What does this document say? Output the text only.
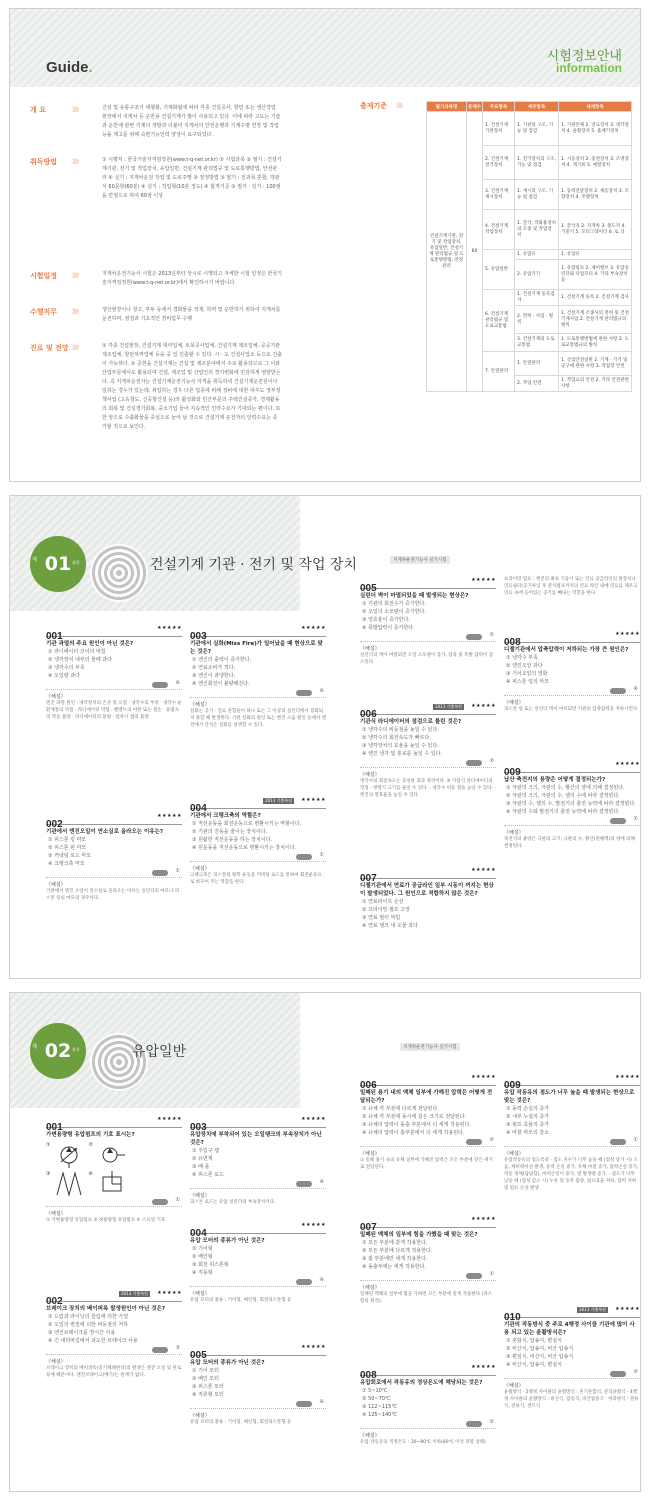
Guide.
시험정보안내
information
개 요	》》》	건설 및 유통구조가 대형화, 기계화됨에 따라 각종 건설공사, 항만 또는 생산작업 현장에서 지게차 등 운반용 건설기계가 많이 사용되고 있다. 이에 따라 고도는 기술과 운반에 관련 기계의 개발과 더불어 지게차의 안전운행과 기계수명 연장 및 작업능률 제고를 위해 숙련기능인력 양성이 요구되었다.
취득방법 》》》	① 시행처 : 한국기술자격검정원(www.t-q-net.or.kr) ② 시험과목 ③ 필기 : 건설기계기관, 전기 및 작업장치, 유압일반, 건설기계 관리법규 및 도로통행방법, 안전관리 ④ 실기 : 지게차운전 작업 및 도로주행 ③ 검정방법 ③ 필기 : 전과목 혼합, 객관식 60문항(60분) ④ 실기 : 작업형(10분 정도) ④ 합격기준 ③ 필기 · 실기 : 100점을 만점으로 하여 60점 이상
시험일정 》》》	지게차운전기능사 시험은 2013년부터 상시로 시행되고 자세한 시험 일정은 한국기술자격검정원(www.t-q-net.or.kr)에서 확인하시기 바랍니다.
수행직무 》》》	생산현장이나 창고, 부두 등에서 경화물을 적재, 하역 및 운반하기 위하여 지게차를 운전하며, 점검과 기초적인 정비업무 수행
진로 및 전망 》》》	① 각종 건설현장, 건설기계 대여업체, 토목공사업체, 건설기계 제조업체, 공공기관 제조업체, 항만하역업체 등을 중 일 진출할 수 있다. 시 · 도 건설사업소 등으로 진출이 가능하다. ② 공헌을 건설기계는 건설 및 제조분야에서 주로 활용되므로 그 이와 산업부문에서도 활용되며 건설, 제조업 및 산업인의 경기변화에 민감하게 영향받는다. 즉 지게차운전자는 건설기계운전기능사 자격을 취득하여 건설기계운전원이나 일하는 경우가 있는데, 취업하는 경우 다른 업종에 비해 정비에 대한 대우도 정부정책사업 (고속철도, 신공항건설 등)의 활성화와 민간부문의 주택건설증가, 경제활동의 회복 및 건설경기회복, 중소기업 들어 지속적인 인력수요가 기대되는 편이다. 또한 앞으로 수출화물을 중심으로 늘어 남 것으로 건설기계 운전자의 인력수요는 증가할 것으로 보인다.
출제기준 》》》	필기과목명	문제수	주요항목	세부항목	세세항목
건설기계기관, 전기 및 작업장치, 유압일반, 건설기계 관리법규 및 도로통행방법, 안전관리	60	1. 건설기계 기관장치	1. 기관의 구조, 기능 및 점검	1. 기관본체 2. 연료장치 3. 냉각장치 4. 윤활장치 5. 흡배기장치
		2. 건설기계 전기장치	1. 전기장치의 구조, 기능 및 점검	1. 시동장치 2. 충전장치 3. 조명장치 4. 계기류 5. 예열장치
		3. 건설기계 섀시장치	1. 섀시의 구조, 기능 및 점검	1. 동력전달장치 2. 제동장치 3. 조향장치 4. 주행장치
		4. 건설기계 작업장치	1. 끌삭, 작화용장치의 조종 및 작업장치	1. 끌삭지 2. 지게차 3. 볼도저 4. 기중기 5. 모터그레이더 6. 로 더
		5. 유압일반	1. 유압유	1. 유압유
			2. 유압기기	1. 유압펌프 2. 제어밸브 3. 유압실린더와 유압모터 4. 기타 부속장치 등
		6. 건설기계 관리법규 및 도로교통법	1. 건설기계 등록검사	1. 건설기계 등록 2. 건설기계 검사
			2. 면허 · 사업 · 벌칙	1. 건설기계 조종사의 면허 및 건설기계사업 2. 건설기계 관리법규의 벌칙
			3. 건설기계의 도로교통법	1. 도로통행방법에 관한 사항 2. 도로교통법규의 벌칙
		7. 안전관리	1. 안전관리	1. 산업안전일반 2. 기계 · 기기 및 공구에 관한 사항 3. 작업장 안전
			2. 작업 안전	1. 작업요의 안전 2. 기타 안전관련 사항
01
제	과목	건설기계 기관 · 전기 및 작업 장치	지게차운전기능사 실기시험
001
★★★★★
기관 과열의 주요 원인이 아닌 것은?
① 라디에이터 코어의 막힘
② 냉각장치 내부의 물때 과다
③ 냉각수의 부족
④ 오일량 과다
④
《해설》
엔진 과열 원인 · 냉각장치의 손상 및 오염 · 냉각수의 부족 · 냉각수 순환계통의 막힘 · 라디에이터 막힘 · 팬벨트의 이완 또는 절손 · 물펌프의 작동 불량 · 라디에이터의 불량 · 압축시 캡의 불량
002
★★★★★
기관에서 엔진오일이 연소실로 올라오는 이유는?
① 피스톤 링 마모
② 피스톤 핀 마모
③ 커넥팅 로드 마모
④ 크랭크축 마모
①
《해설》
기관에서 엔진 오일이 연소실로 올라오는 이유는 실린더의 마모나 피스톤 링의 마모의 경우이다.
003
★★★★★
기관에서 실화(Miss Fire)가 일어났을 때 현상으로 맞는 것은?
① 엔진의 출력이 증가한다.
② 연료소비가 적다.
③ 엔진이 과냉한다.
④ 엔진회전이 불량해진다.
④
《해설》
실화는 공기 · 연료 혼합물이 하나 또는 그 이상의 실린더에서 점화되지 못할 때 발생한다. 기관 실화의 원인 또는 엔진 소음 원인 등에서 엔진에서 간격은 실화를 설명할 수 있다.
004
2013 기출복원	★★★★★
기관에서 크랭크축의 역할은?
① 직선운동을 회전운동으로 변환시키는 역할이다.
② 기관의 진동을 줄이는 장치이다.
③ 원활한 직선운동을 하는 장치이다.
④ 원운동을 직선운동으로 변환시키는 장치이다.
①
《해설》
크랭크축은 피스톤의 왕복 운동을 커넥팅 로드를 통하여 회전운동으로 바꾸어 주는 역할을 한다.
005
★★★★★
실린더 벽이 마멸되었을 때 발생되는 현상은?
① 기관의 회전수가 증가한다.
② 오일의 소모량이 증가한다.
③ 열효율이 증가한다.
④ 폭발압력이 증가한다.
②
《해설》
실린더의 벽이 마멸되면 오일 소모량이 증가, 압축 및 폭발 압력이 감소된다.
006
2013 기출복원	★★★★★
기관식 라디에이터의 점검으로 틀린 것은?
① 냉각수의 비등점을 높일 수 있다.
② 냉각수의 회전속도가 빠르다.
③ 냉각장치의 효율을 높일 수 있다.
④ 엔진 냉각 및 통로를 높일 수 있다.
②
《해설》
냉각수의 회전속도는 동일한 효과 정격이다. ※ 가압식 라디에이터의 장점 · 방열기 크기를 줄일 수 있다. · 냉각수 비등 점을 높일 수 있다. · 엔진의 열효율을 높일 수 있다.
007
★★★★★
디젤기관에서 연료가 공급라인 일부 시동이 꺼지는 현상이 발생되었다. 그 원인으로 적합하지 않은 것은?
① 연료파이프 손상
② 프라이밍 펌프 고장
③ 연료 필터 막힘
④ 연료 탱크 내 오물 과다
프라이밍 펌프 : 엔진의 최초 기동시 또는 연료 공급라인의 탈장치나 연료필터(공기투입 후 분사펌프까지의 연료 라인 내에 연료를 채우고 연료 속에 들어있는 공기를 빼내는 역할을 한다.
008
★★★★★
디젤기관에서 압축압력이 저하되는 가장 큰 원인은?
① 냉각수 부족
② 엔진오일 과다
③ 기어오일의 열화
④ 피스톤 링의 마모
④
《해설》
피스톤 링 또는 실린더 벽이 마모되면 기관의 압축압력을 저하시킨다.
009
★★★★★
납산 축전지의 용량은 어떻게 결정되는가?
① 극판의 크기, 극판의 수, 황산의 양에 의해 결정된다.
② 극판의 크기, 극판의 수, 셀의 수에 따라 결정된다.
③ 극판의 수, 셀의 수, 발전기의 충전 능력에 따라 결정된다.
④ 극판의 수와 발전기의 충전 능력에 따라 결정된다.
①
《해설》
축전지의 용량은 극판의 크기, 극판의 수, 황산(전해액)의 양에 의해 결정된다.
02
제	과목	유압일반	지게차운전기능사 실기시험
001
★★★★★
가변용량형 유압펌프의 기호 표시는?
①	②
③	④
①
《해설》
① 가변용량형 유압펌프 ② 정용량형 유압펌프 ④ 스프링 기호
002
2013 기출복원	★★★★★
브레이크 장치의 베이퍼록 발생원인이 아닌 것은?
① 드럼과 라이닝의 끌림에 의한 가열
② 오일의 변질에 의한 비등점의 저하
③ 엔진브레이크를 장시간 사용
④ 긴 내리막길에서 과도한 브레이크 사용
③
《해설》
브레이크 장치의 베이퍼록(증기폐쇄현상)의 발생은 엔진 오일 및 관로 등에 때문이다. 엔진브레이크(배기)는 관계가 없다.
003
★★★★★
유압장치에 부착되어 있는 오일탱크의 부속장치가 아닌 것은?
① 주입구 캡
② 유면계
③ 배 플
④ 피스톤 로드
④
《해설》
피스톤 로드는 유압 실린더의 부속장치이다.
004
★★★★★
유압 모터의 종류가 아닌 것은?
① 기어형
② 베인형
③ 회전 피스톤형
④ 직동형
④
《해설》
유압 모터의 종류 : 기어형, 베인형, 회전피스톤형 등
005
★★★★★
유압 모터의 종류가 아닌 것은?
① 기어 모터
② 베인 모터
③ 피스톤 모터
④ 직류형 모터
④
《해설》
유압 모터의 종류 : 기어형, 베인형, 회전피스톤형 등
006
★★★★★
밀폐된 용기 내의 액체 일부에 가해진 압력은 어떻게 전달되는가?
① 유체 각 부분에 다르게 전달된다.
② 유체 각 부분에 동시에 같은 크기로 전달된다.
③ 유체의 압력이 돌출 부분에서 더 세게 작용된다.
④ 유체의 압력이 홈부분에서 더 세게 작용된다.
②
《해설》
① 밀폐 용기 속의 유체 일부에 가해진 압력은 모든 부분에 같은 세기로 전달된다.
007
★★★★★
밀폐된 액체의 일부에 힘을 가했을 때 맞는 것은?
① 모든 부분에 같게 작용한다.
② 모든 부분에 다르게 작용한다.
③ 홈 부분에만 세게 작용한다.
④ 돌출부에는 세게 작용한다.
①
《해설》
밀폐된 액체의 일부에 힘을 가하면 모든 부분에 같게 작용한다 (파스칼의 원리).
008
★★★★★
유압회로에서 작동유의 정상온도에 해당되는 것은?
① 5~10℃
② 50~70℃
③ 112~115℃
④ 125~140℃
②
《해설》
유압 작동유의 적정온도 : 30~80℃ 이하(80℃ 이상 과열 상태)
009
★★★★★
유압 작동유의 점도가 너무 높을 때 발생되는 현상으로 맞는 것은?
① 동력 손실의 증가
② 내부 누설의 증가
③ 펌프 효율의 증가
④ 마찰 마모의 감소
①
《해설》
유압작동유의 점도특성 · 점도 지수가 너무 높을 때 (점성 증가 시) 소음, 캐비테이션 발생, 동력 손실 증가, 유체 마찰 증가, 압력손실 증가, 작동 정체(답답함), 마력손실이 증가, 열 발생량 증가. · 점도가 너무 낮을 때 (점성 감소 시) 누유 및 동작 불량, 펌프효율 저하, 압력 저하 및 펌프 손상 발생
010
2013 기출복원	★★★★★
기관의 작동방식 중 주로 4행정 사이클 기관에 많이 사용 되고 있는 윤활방식은?
① 혼합식, 압송식, 편심식
② 비산식, 압송식, 비산 압송식
③ 편심식, 비산식, 비산 압송식
④ 비산식, 압송식, 편심식
②
《해설》
윤활방식 · 2행정 사이클의 윤활방식 : 혼기혼합식, 분리윤활식 · 4행정 사이클의 윤활방식 : 비산식, 압송식, 비산압송식 · 여과방식 : 분류식, 전류식, 샌트식
